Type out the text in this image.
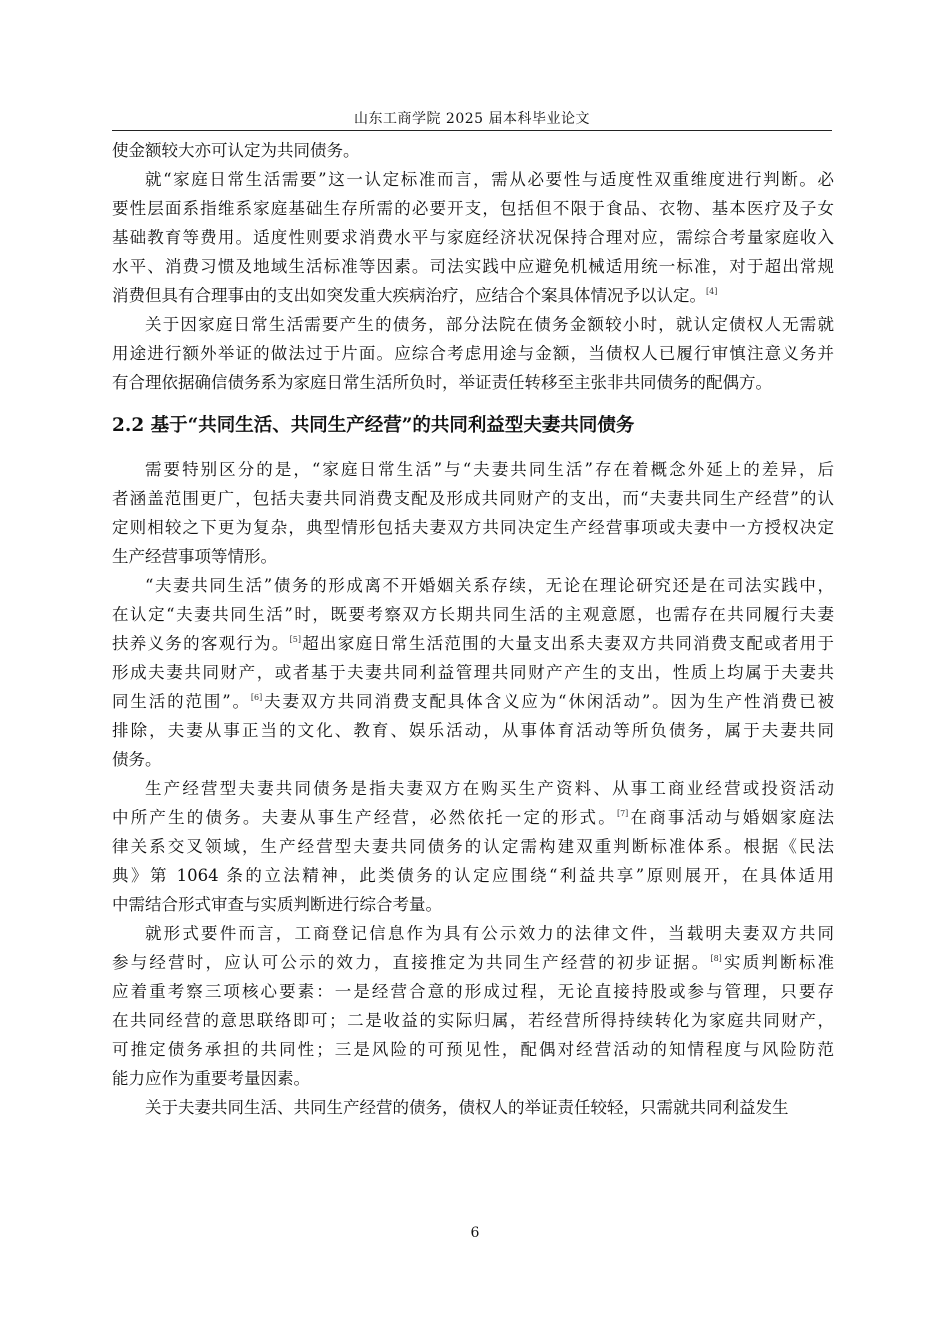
山东工商学院 2025 届本科毕业论文
使金额较大亦可认定为共同债务。
就“家庭日常生活需要”这一认定标准而言，需从必要性与适度性双重维度进行判断。必
要性层面系指维系家庭基础生存所需的必要开支，包括但不限于食品、衣物、基本医疗及子女
基础教育等费用。适度性则要求消费水平与家庭经济状况保持合理对应，需综合考量家庭收入
水平、消费习惯及地域生活标准等因素。司法实践中应避免机械适用统一标准，对于超出常规
消费但具有合理事由的支出如突发重大疾病治疗，应结合个案具体情况予以认定。[4]
关于因家庭日常生活需要产生的债务，部分法院在债务金额较小时，就认定债权人无需就
用途进行额外举证的做法过于片面。应综合考虑用途与金额，当债权人已履行审慎注意义务并
有合理依据确信债务系为家庭日常生活所负时，举证责任转移至主张非共同债务的配偶方。
2.2 基于“共同生活、共同生产经营”的共同利益型夫妻共同债务
需要特别区分的是，“家庭日常生活”与“夫妻共同生活”存在着概念外延上的差异，后
者涵盖范围更广，包括夫妻共同消费支配及形成共同财产的支出，而“夫妻共同生产经营”的认
定则相较之下更为复杂，典型情形包括夫妻双方共同决定生产经营事项或夫妻中一方授权决定
生产经营事项等情形。
“夫妻共同生活”债务的形成离不开婚姻关系存续，无论在理论研究还是在司法实践中，
在认定“夫妻共同生活”时，既要考察双方长期共同生活的主观意愿，也需存在共同履行夫妻
扶养义务的客观行为。[5]超出家庭日常生活范围的大量支出系夫妻双方共同消费支配或者用于
形成夫妻共同财产，或者基于夫妻共同利益管理共同财产产生的支出，性质上均属于夫妻共
同生活的范围”。[6]夫妻双方共同消费支配具体含义应为“休闲活动”。因为生产性消费已被
排除，夫妻从事正当的文化、教育、娱乐活动，从事体育活动等所负债务，属于夫妻共同
债务。
生产经营型夫妻共同债务是指夫妻双方在购买生产资料、从事工商业经营或投资活动
中所产生的债务。夫妻从事生产经营，必然依托一定的形式。[7]在商事活动与婚姻家庭法
律关系交叉领域，生产经营型夫妻共同债务的认定需构建双重判断标准体系。根据《民法
典》第 1064 条的立法精神，此类债务的认定应围绕“利益共享”原则展开，在具体适用
中需结合形式审查与实质判断进行综合考量。
就形式要件而言，工商登记信息作为具有公示效力的法律文件，当载明夫妻双方共同
参与经营时，应认可公示的效力，直接推定为共同生产经营的初步证据。[8]实质判断标准
应着重考察三项核心要素：一是经营合意的形成过程，无论直接持股或参与管理，只要存
在共同经营的意思联络即可；二是收益的实际归属，若经营所得持续转化为家庭共同财产，
可推定债务承担的共同性；三是风险的可预见性，配偶对经营活动的知情程度与风险防范
能力应作为重要考量因素。
关于夫妻共同生活、共同生产经营的债务，债权人的举证责任较轻，只需就共同利益发生
6
